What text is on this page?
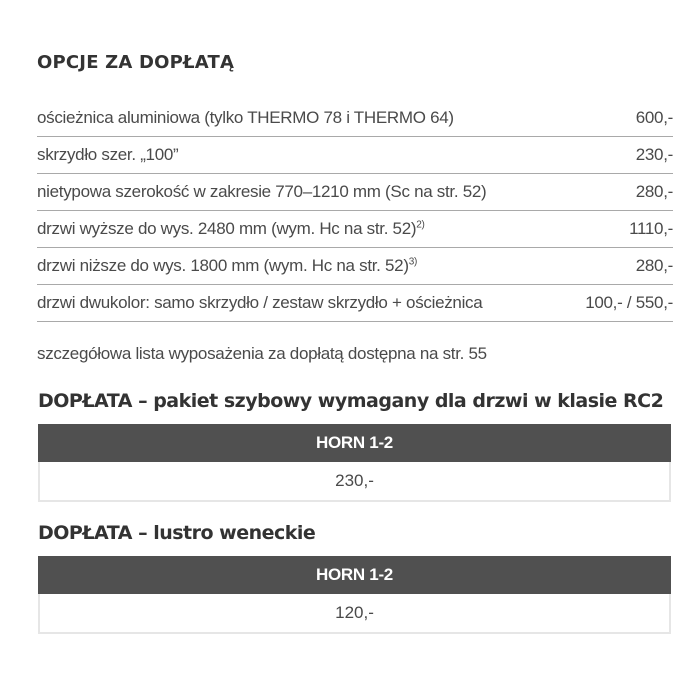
OPCJE ZA DOPŁATĄ
ościeżnica aluminiowa (tylko THERMO 78 i THERMO 64)	600,-
skrzydło szer. „100”	230,-
nietypowa szerokość w zakresie 770–1210 mm (Sc na str. 52)	280,-
drzwi wyższe do wys. 2480 mm (wym. Hc na str. 52)$^{2)}$	1110,-
drzwi niższe do wys. 1800 mm (wym. Hc na str. 52)$^{3)}$	280,-
drzwi dwukolor: samo skrzydło / zestaw skrzydło + ościeżnica	100,- / 550,-
szczegółowa lista wyposażenia za dopłatą dostępna na str. 55
DOPŁATA – pakiet szybowy wymagany dla drzwi w klasie RC2
HORN 1-2
230,-
DOPŁATA – lustro weneckie
HORN 1-2
120,-
